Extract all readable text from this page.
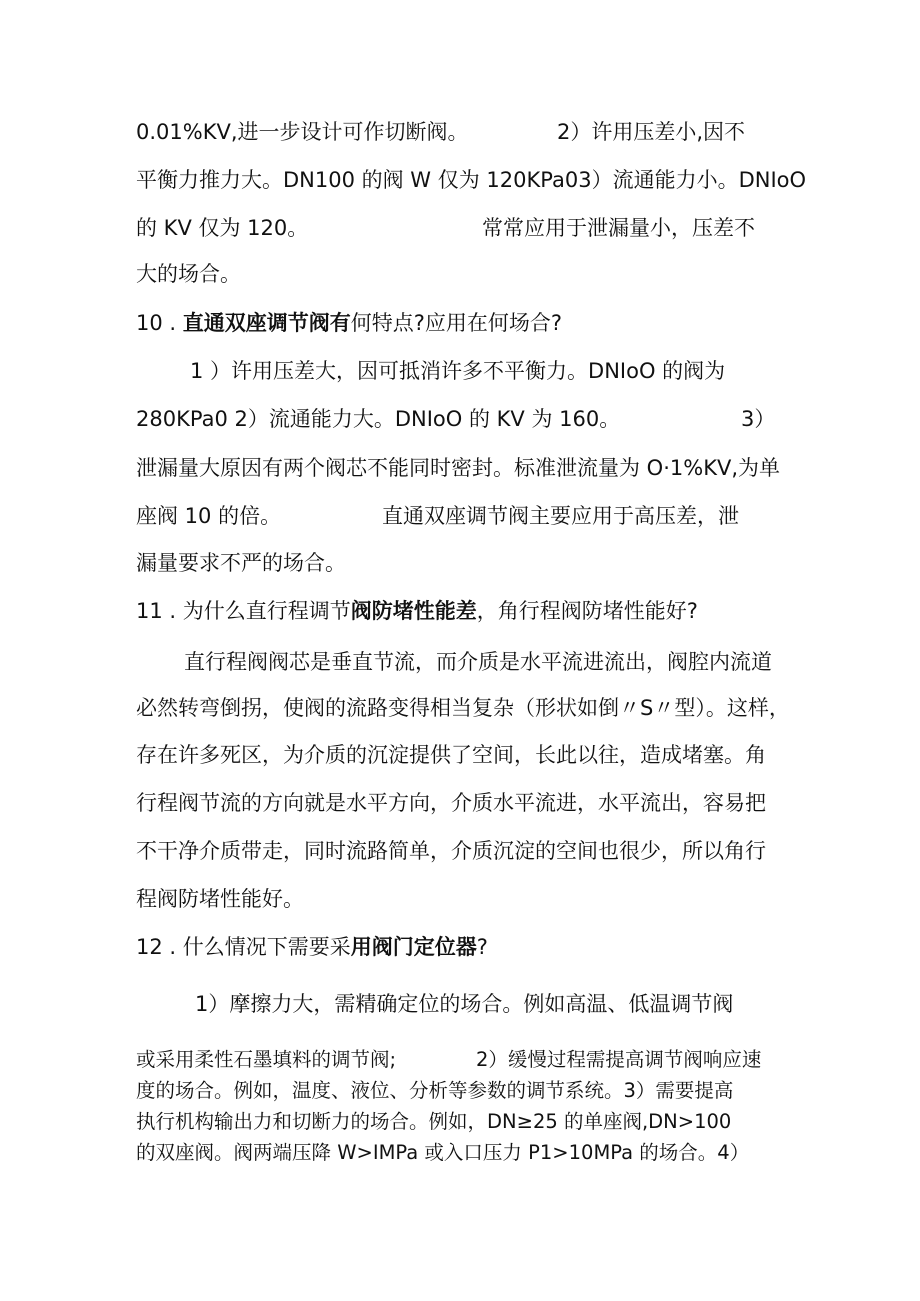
0.01%KV,进一步设计可作切断阀。	2）许用压差小,因不
平衡力推力大。DN100 的阀 W 仅为 120KPa03）流通能力小。DNIoO
的 KV 仅为 120。	常常应用于泄漏量小，压差不
大的场合。
10 . 直通双座调节阀有何特点?应用在何场合?
1 ）许用压差大，因可抵消许多不平衡力。DNIoO 的阀为
280KPa0 2）流通能力大。DNIoO 的 KV 为 160。	3）
泄漏量大原因有两个阀芯不能同时密封。标准泄流量为 O·1%KV,为单
座阀 10 的倍。	直通双座调节阀主要应用于高压差，泄
漏量要求不严的场合。
11 . 为什么直行程调节阀防堵性能差，角行程阀防堵性能好?
直行程阀阀芯是垂直节流，而介质是水平流进流出，阀腔内流道
必然转弯倒拐，使阀的流路变得相当复杂（形状如倒〃S〃型）。这样，
存在许多死区，为介质的沉淀提供了空间，长此以往，造成堵塞。角
行程阀节流的方向就是水平方向，介质水平流进，水平流出，容易把
不干净介质带走，同时流路简单，介质沉淀的空间也很少，所以角行
程阀防堵性能好。
12 . 什么情况下需要采用阀门定位器?
1）摩擦力大，需精确定位的场合。例如高温、低温调节阀
或采用柔性石墨填料的调节阀;	2）缓慢过程需提高调节阀响应速
度的场合。例如，温度、液位、分析等参数的调节系统。3）需要提高
执行机构输出力和切断力的场合。例如，DN≥25 的单座阀,DN>100
的双座阀。阀两端压降 W>IMPa 或入口压力 P1>10MPa 的场合。4）
